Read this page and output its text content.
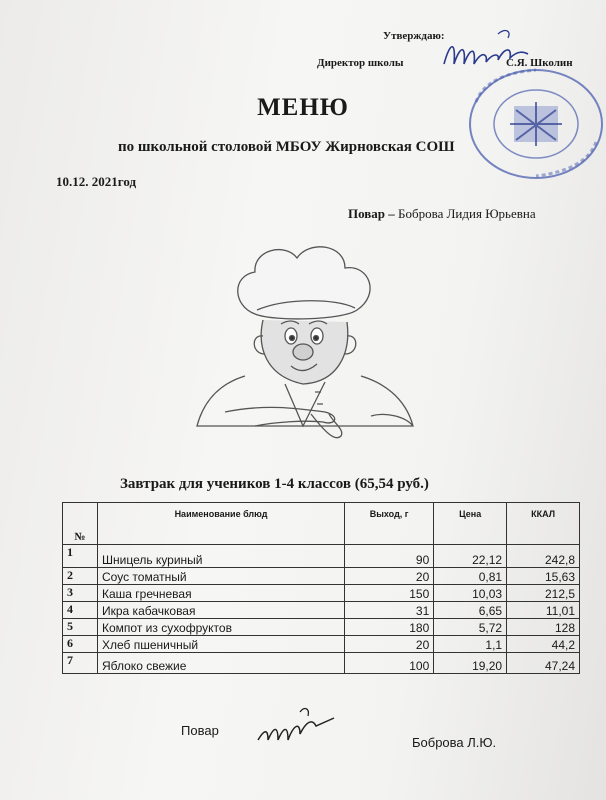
Утверждаю:
Директор школы	С.Я. Школин
МЕНЮ
по школьной столовой МБОУ Жирновская СОШ
10.12. 2021год
Повар – Боброва Лидия Юрьевна
Завтрак для учеников 1-4 классов (65,54 руб.)
№	Наименование блюд	Выход, г	Цена	ККАЛ
1	Шницель куриный	90	22,12	242,8
2	Соус томатный	20	0,81	15,63
3	Каша гречневая	150	10,03	212,5
4	Икра кабачковая	31	6,65	11,01
5	Компот из сухофруктов	180	5,72	128
6	Хлеб пшеничный	20	1,1	44,2
7	Яблоко свежие	100	19,20	47,24
Повар
Боброва Л.Ю.
